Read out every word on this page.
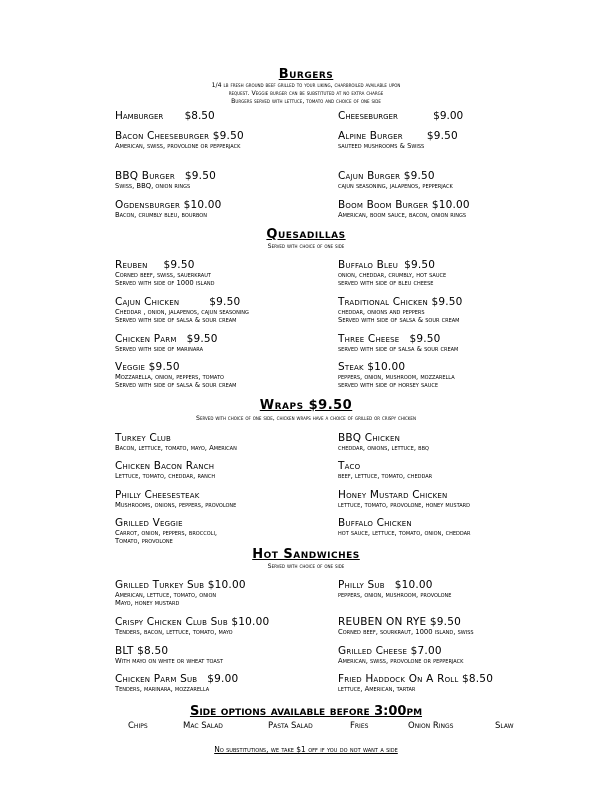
Burgers
1/4 lb fresh ground beef grilled to your liking, charbroiled available upon
request. Veggie burger can be substituted at no extra charge
Burgers served with lettuce, tomato and choice of one side
Hamburger $8.50	Cheeseburger	$9.00
Bacon Cheeseburger $9.50
American, swiss, provolone or pepperjack
Alpine Burger $9.50
sauteed mushrooms & Swiss
BBQ Burger $9.50
Swiss, BBQ, onion rings
Cajun Burger $9.50
cajun seasoning, jalapenos, pepperjack
Ogdensburger $10.00
Bacon, crumbly bleu, bourbon
Boom Boom Burger $10.00
American, boom sauce, bacon, onion rings
Quesadillas
Served with choice of one side
Reuben $9.50
Corned beef, swiss, sauerkraut
Served with side of 1000 island
Buffalo Bleu $9.50
onion, cheddar, crumbly, hot sauce
served with side of bleu cheese
Cajun Chicken	$9.50
Cheddar , onion, jalapenos, cajun seasoning
Served with side of salsa & sour cream
Traditional Chicken $9.50
cheddar, onions and peppers
Served with side of salsa & sour cream
Chicken Parm $9.50
Served with side of marinara
Three Cheese $9.50
served with side of salsa & sour cream
Veggie $9.50
Mozzarella, onion, peppers, tomato
Served with side of salsa & sour cream
Steak $10.00
peppers, onion, mushroom, mozzarella
served with side of horsey sauce
Wraps $9.50
Served with choice of one side, chicken wraps have a choice of grilled or crispy chicken
Turkey Club
Bacon, lettuce, tomato, mayo, American
BBQ Chicken
cheddar, onions, lettuce, bbq
Chicken Bacon Ranch
Lettuce, tomato, cheddar, ranch
Taco
beef, lettuce, tomato, cheddar
Philly Cheesesteak
Mushrooms, onions, peppers, provolone
Honey Mustard Chicken
lettuce, tomato, provolone, honey mustard
Grilled Veggie
Carrot, onion, peppers, broccoli,
Tomato, provolone
Buffalo Chicken
hot sauce, lettuce, tomato, onion, cheddar
Hot Sandwiches
Served with choice of one side
Grilled Turkey Sub $10.00
American, lettuce, tomato, onion
Mayo, honey mustard
Philly Sub $10.00
peppers, onion, mushroom, provolone
Crispy Chicken Club Sub $10.00
Tenders, bacon, lettuce, tomato, mayo
REUBEN ON RYE $9.50
Corned beef, sourkraut, 1000 island, swiss
BLT $8.50
With mayo on white or wheat toast
Grilled Cheese $7.00
American, swiss, provolone or pepperjack
Chicken Parm Sub $9.00
Tenders, marinara, mozzarella
Fried Haddock On A Roll $8.50
lettuce, American, tartar
Side options available before 3:00pm
Chips	Mac Salad	Pasta Salad	Fries	Onion Rings	Slaw
No substitutions, we take $1 off if you do not want a side
